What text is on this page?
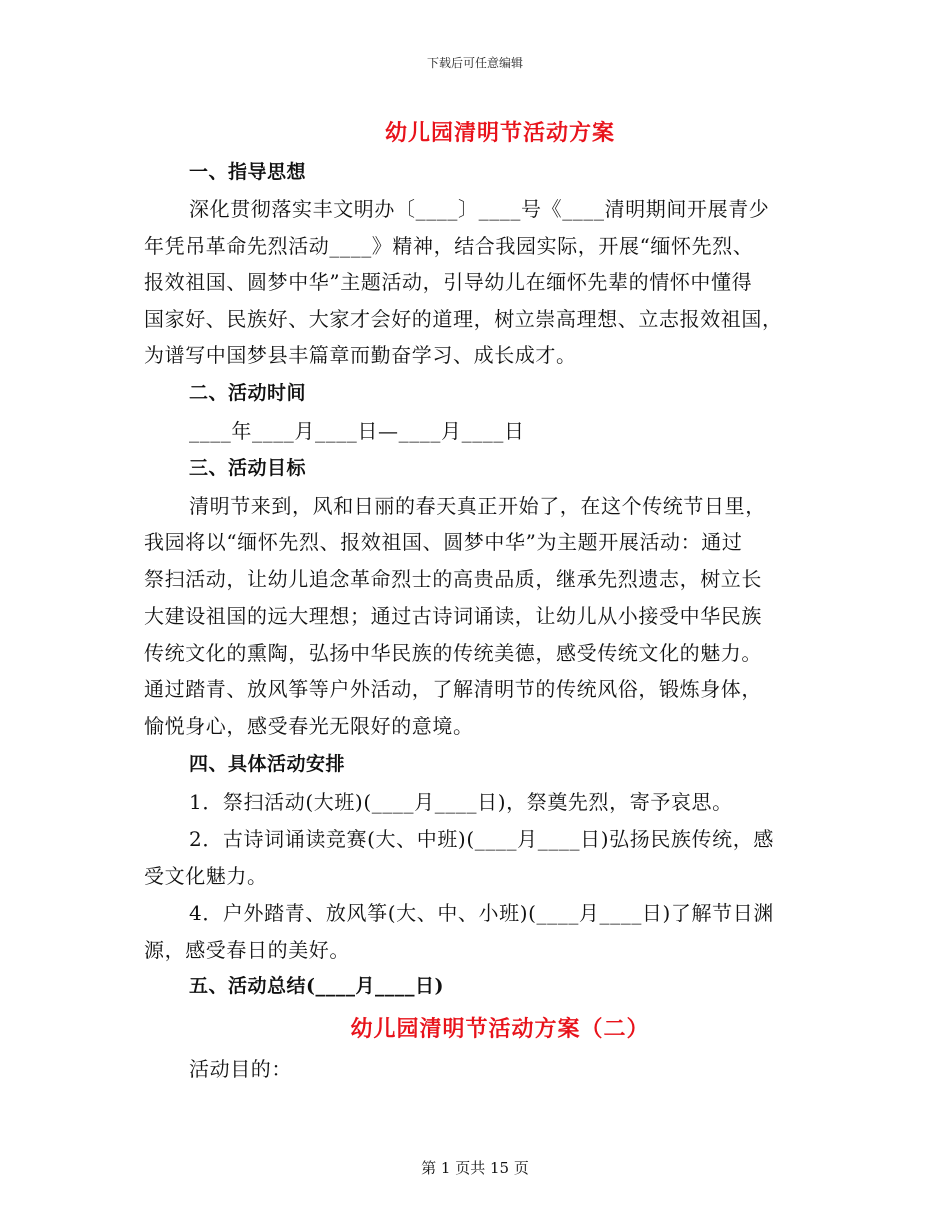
下载后可任意编辑
幼儿园清明节活动方案
一、指导思想
深化贯彻落实丰文明办〔____〕____号《____清明期间开展青少
年凭吊革命先烈活动____》精神，结合我园实际，开展“缅怀先烈、
报效祖国、圆梦中华”主题活动，引导幼儿在缅怀先辈的情怀中懂得
国家好、民族好、大家才会好的道理，树立崇高理想、立志报效祖国，
为谱写中国梦县丰篇章而勤奋学习、成长成才。
二、活动时间
____年____月____日—____月____日
三、活动目标
清明节来到，风和日丽的春天真正开始了，在这个传统节日里，
我园将以“缅怀先烈、报效祖国、圆梦中华”为主题开展活动：通过
祭扫活动，让幼儿追念革命烈士的高贵品质，继承先烈遗志，树立长
大建设祖国的远大理想；通过古诗词诵读，让幼儿从小接受中华民族
传统文化的熏陶，弘扬中华民族的传统美德，感受传统文化的魅力。
通过踏青、放风筝等户外活动，了解清明节的传统风俗，锻炼身体，
愉悦身心，感受春光无限好的意境。
四、具体活动安排
1．祭扫活动(大班)(____月____日)，祭奠先烈，寄予哀思。
2．古诗词诵读竞赛(大、中班)(____月____日)弘扬民族传统，感
受文化魅力。
4．户外踏青、放风筝(大、中、小班)(____月____日)了解节日渊
源，感受春日的美好。
五、活动总结(____月____日)
幼儿园清明节活动方案（二）
活动目的：
第 1 页共 15 页
